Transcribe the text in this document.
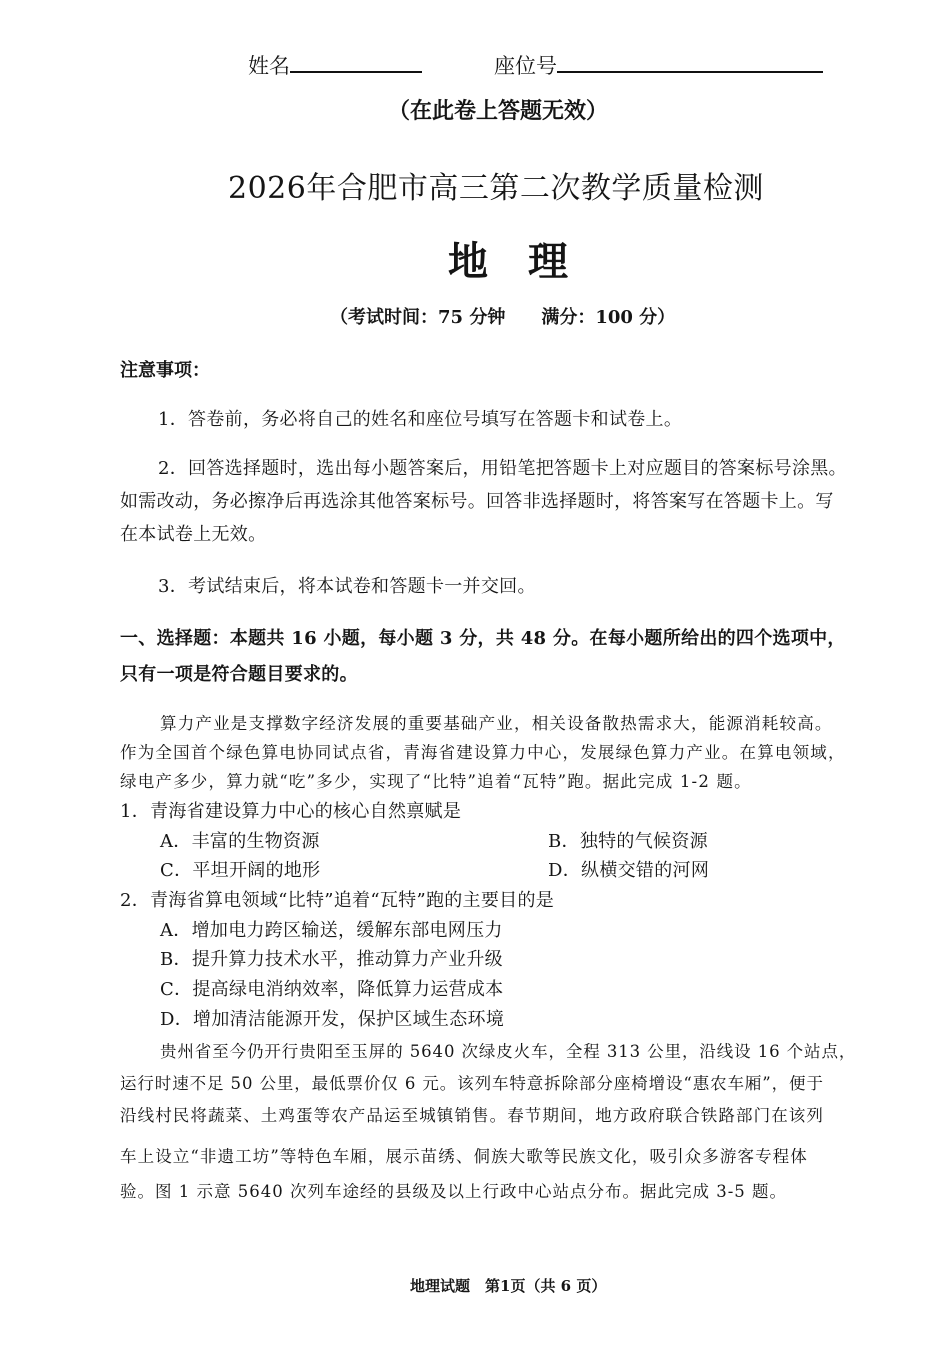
姓名	座位号
（在此卷上答题无效）
2026年合肥市高三第二次教学质量检测
地　理
（考试时间：75 分钟　　满分：100 分）
注意事项：
1．答卷前，务必将自己的姓名和座位号填写在答题卡和试卷上。
2．回答选择题时，选出每小题答案后，用铅笔把答题卡上对应题目的答案标号涂黑。
如需改动，务必擦净后再选涂其他答案标号。回答非选择题时，将答案写在答题卡上。写
在本试卷上无效。
3．考试结束后，将本试卷和答题卡一并交回。
一、选择题：本题共 16 小题，每小题 3 分，共 48 分。在每小题所给出的四个选项中，
只有一项是符合题目要求的。
算力产业是支撑数字经济发展的重要基础产业，相关设备散热需求大，能源消耗较高。
作为全国首个绿色算电协同试点省，青海省建设算力中心，发展绿色算力产业。在算电领域，
绿电产多少，算力就“吃”多少，实现了“比特”追着“瓦特”跑。据此完成 1-2 题。
1．青海省建设算力中心的核心自然禀赋是
A．丰富的生物资源	B．独特的气候资源
C．平坦开阔的地形	D．纵横交错的河网
2．青海省算电领域“比特”追着“瓦特”跑的主要目的是
A．增加电力跨区输送，缓解东部电网压力
B．提升算力技术水平，推动算力产业升级
C．提高绿电消纳效率，降低算力运营成本
D．增加清洁能源开发，保护区域生态环境
贵州省至今仍开行贵阳至玉屏的 5640 次绿皮火车，全程 313 公里，沿线设 16 个站点，
运行时速不足 50 公里，最低票价仅 6 元。该列车特意拆除部分座椅增设“惠农车厢”，便于
沿线村民将蔬菜、土鸡蛋等农产品运至城镇销售。春节期间，地方政府联合铁路部门在该列
车上设立“非遗工坊”等特色车厢，展示苗绣、侗族大歌等民族文化，吸引众多游客专程体
验。图 1 示意 5640 次列车途经的县级及以上行政中心站点分布。据此完成 3-5 题。
地理试题　第1页（共 6 页）
